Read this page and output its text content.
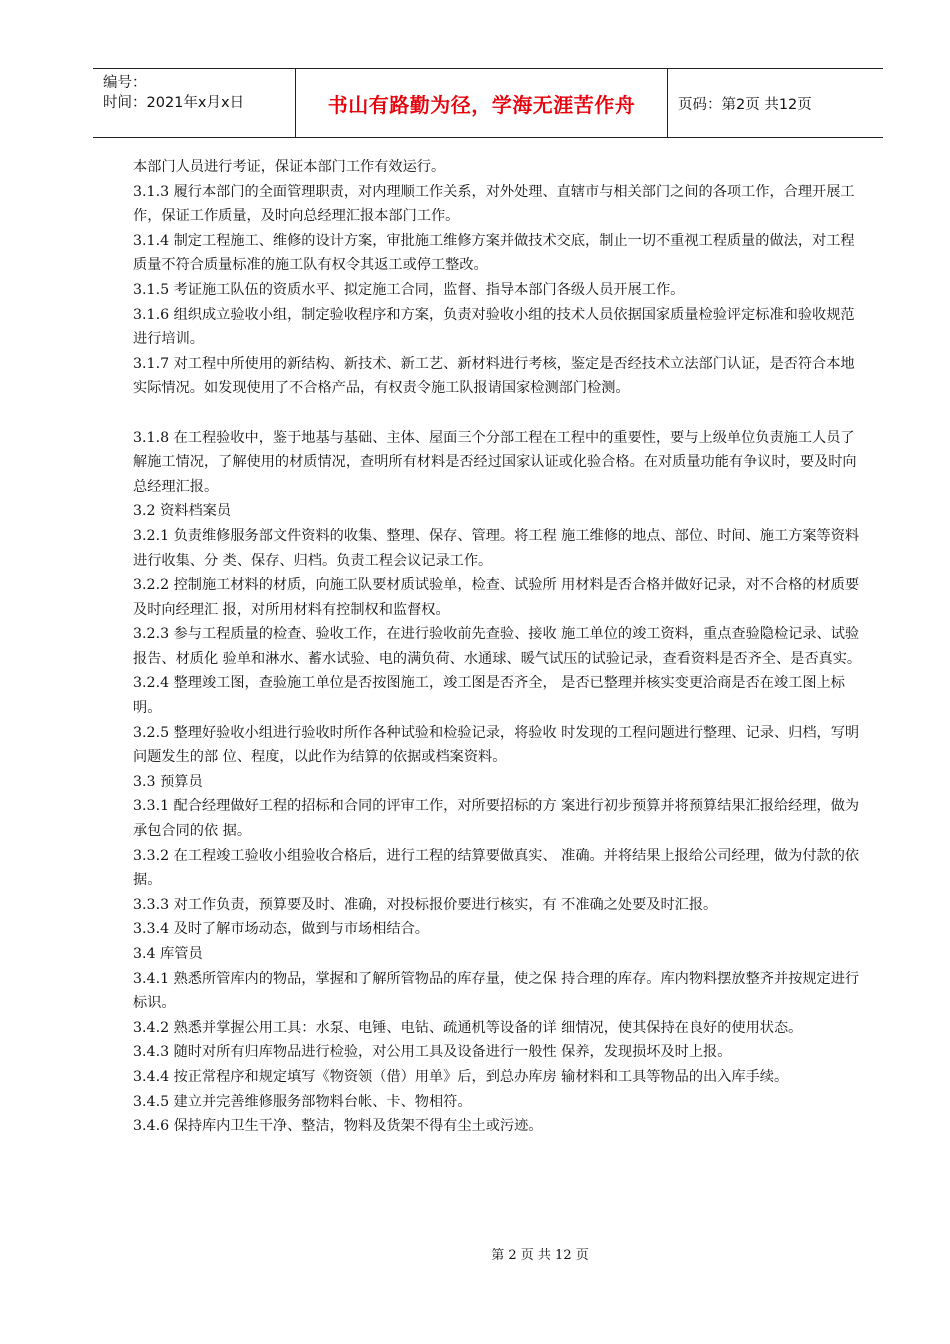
编号：
时间：2021年x月x日	书山有路勤为径，学海无涯苦作舟	页码：第2页 共12页

本部门人员进行考证，保证本部门工作有效运行。

3.1.3 履行本部门的全面管理职责，对内理顺工作关系，对外处理、直辖市与相关部门之间的各项工作，合理开展工作，保证工作质量，及时向总经理汇报本部门工作。

3.1.4 制定工程施工、维修的设计方案，审批施工维修方案并做技术交底，制止一切不重视工程质量的做法，对工程质量不符合质量标准的施工队有权令其返工或停工整改。

3.1.5 考证施工队伍的资质水平、拟定施工合同，监督、指导本部门各级人员开展工作。

3.1.6 组织成立验收小组，制定验收程序和方案，负责对验收小组的技术人员依据国家质量检验评定标准和验收规范进行培训。

3.1.7 对工程中所使用的新结构、新技术、新工艺、新材料进行考核，鉴定是否经技术立法部门认证，是否符合本地实际情况。如发现使用了不合格产品，有权责令施工队报请国家检测部门检测。

3.1.8 在工程验收中，鉴于地基与基础、主体、屋面三个分部工程在工程中的重要性，要与上级单位负责施工人员了解施工情况，了解使用的材质情况，查明所有材料是否经过国家认证或化验合格。在对质量功能有争议时，要及时向总经理汇报。

3.2 资料档案员

3.2.1 负责维修服务部文件资料的收集、整理、保存、管理。将工程 施工维修的地点、部位、时间、施工方案等资料进行收集、分 类、保存、归档。负责工程会议记录工作。

3.2.2 控制施工材料的材质，向施工队要材质试验单，检查、试验所 用材料是否合格并做好记录，对不合格的材质要及时向经理汇 报，对所用材料有控制权和监督权。

3.2.3 参与工程质量的检查、验收工作，在进行验收前先查验、接收 施工单位的竣工资料，重点查验隐检记录、试验报告、材质化 验单和淋水、蓄水试验、电的满负荷、水通球、暖气试压的试验记录，查看资料是否齐全、是否真实。

3.2.4 整理竣工图，查验施工单位是否按图施工，竣工图是否齐全， 是否已整理并核实变更洽商是否在竣工图上标明。

3.2.5 整理好验收小组进行验收时所作各种试验和检验记录，将验收 时发现的工程问题进行整理、记录、归档，写明问题发生的部 位、程度，以此作为结算的依据或档案资料。

3.3 预算员

3.3.1 配合经理做好工程的招标和合同的评审工作，对所要招标的方 案进行初步预算并将预算结果汇报给经理，做为承包合同的依 据。

3.3.2 在工程竣工验收小组验收合格后，进行工程的结算要做真实、 准确。并将结果上报给公司经理，做为付款的依据。

3.3.3 对工作负责，预算要及时、准确，对投标报价要进行核实，有 不准确之处要及时汇报。

3.3.4 及时了解市场动态，做到与市场相结合。

3.4 库管员

3.4.1 熟悉所管库内的物品，掌握和了解所管物品的库存量，使之保 持合理的库存。库内物料摆放整齐并按规定进行标识。

3.4.2 熟悉并掌握公用工具：水泵、电锤、电钻、疏通机等设备的详 细情况，使其保持在良好的使用状态。

3.4.3 随时对所有归库物品进行检验，对公用工具及设备进行一般性 保养，发现损坏及时上报。

3.4.4 按正常程序和规定填写《物资领（借）用单》后，到总办库房 输材料和工具等物品的出入库手续。

3.4.5 建立并完善维修服务部物料台帐、卡、物相符。

3.4.6 保持库内卫生干净、整洁，物料及货架不得有尘土或污迹。

第 2 页 共 12 页
